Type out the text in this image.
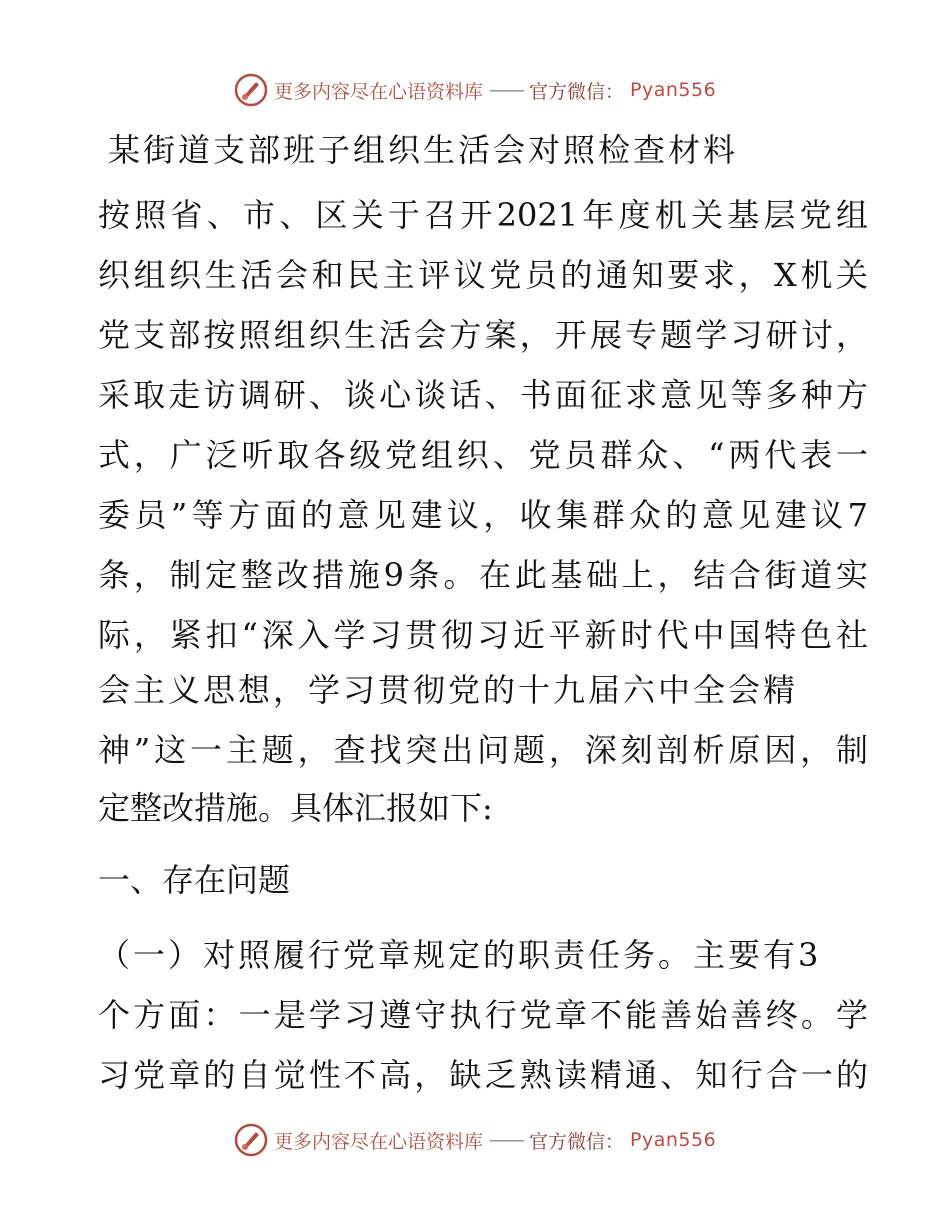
更多内容尽在心语资料库 —— 官方微信： Pyan556
某街道支部班子组织生活会对照检查材料

按照省、市、区关于召开2021年度机关基层党组

织组织生活会和民主评议党员的通知要求，X机关

党支部按照组织生活会方案，开展专题学习研讨，

采取走访调研、谈心谈话、书面征求意见等多种方

式，广泛听取各级党组织、党员群众、“两代表一

委员”等方面的意见建议，收集群众的意见建议7

条，制定整改措施9条。在此基础上，结合街道实

际，紧扣“深入学习贯彻习近平新时代中国特色社

会主义思想，学习贯彻党的十九届六中全会精

神”这一主题，查找突出问题，深刻剖析原因，制

定整改措施。具体汇报如下:

一、存在问题

（一）对照履行党章规定的职责任务。主要有3

个方面：一是学习遵守执行党章不能善始善终。学

习党章的自觉性不高，缺乏熟读精通、知行合一的

更多内容尽在心语资料库 —— 官方微信： Pyan556
